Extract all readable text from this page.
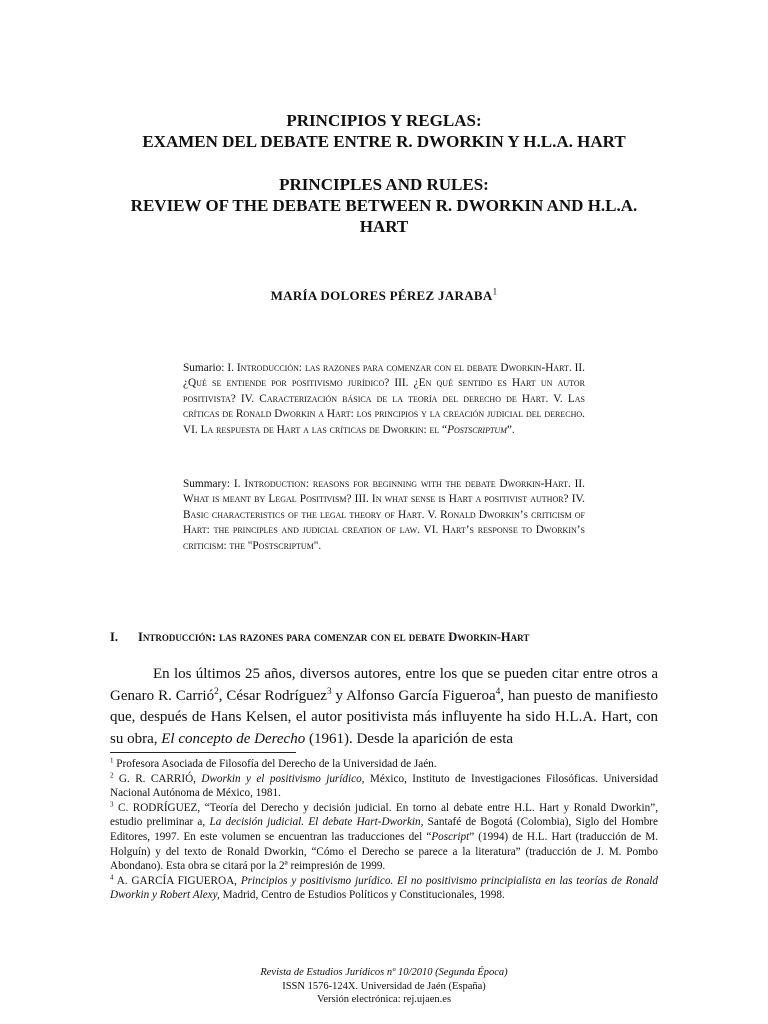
PRINCIPIOS Y REGLAS:
EXAMEN DEL DEBATE ENTRE R. DWORKIN Y H.L.A. HART
PRINCIPLES AND RULES:
REVIEW OF THE DEBATE BETWEEN R. DWORKIN AND H.L.A.
HART
MARÍA DOLORES PÉREZ JARABA$^1$
Sumario: I. Introducción: las razones para comenzar con el debate Dworkin-Hart. II. ¿Qué se entiende por positivismo jurídico? III. ¿En qué sentido es Hart un autor positivista? IV. Caracterización básica de la teoría del derecho de Hart. V. Las críticas de Ronald Dworkin a Hart: los principios y la creación judicial del derecho. VI. La respuesta de Hart a las críticas de Dworkin: el “Postscriptum”.
Summary: I. Introduction: reasons for beginning with the debate Dworkin-Hart. II. What is meant by Legal Positivism? III. In what sense is Hart a positivist author? IV. Basic characteristics of the legal theory of Hart. V. Ronald Dworkin’s criticism of Hart: the principles and judicial creation of law. VI. Hart’s response to Dworkin’s criticism: the "Postscriptum".
I. Introducción: las razones para comenzar con el debate Dworkin-Hart

En los últimos 25 años, diversos autores, entre los que se pueden citar entre otros a Genaro R. Carrió$^2$, César Rodríguez$^3$ y Alfonso García Figueroa$^4$, han puesto de manifiesto que, después de Hans Kelsen, el autor positivista más influyente ha sido H.L.A. Hart, con su obra, El concepto de Derecho (1961). Desde la aparición de esta

$^1$ Profesora Asociada de Filosofía del Derecho de la Universidad de Jaén.

$^2$ G. R. CARRIÓ, Dworkin y el positivismo jurídico, México, Instituto de Investigaciones Filosóficas. Universidad Nacional Autónoma de México, 1981.

$^3$ C. RODRÍGUEZ, “Teoría del Derecho y decisión judicial. En torno al debate entre H.L. Hart y Ronald Dworkin”, estudio preliminar a, La decisión judicial. El debate Hart-Dworkin, Santafé de Bogotá (Colombia), Siglo del Hombre Editores, 1997. En este volumen se encuentran las traducciones del “Poscript” (1994) de H.L. Hart (traducción de M. Holguín) y del texto de Ronald Dworkin, “Cómo el Derecho se parece a la literatura” (traducción de J. M. Pombo Abondano). Esta obra se citará por la 2ª reimpresión de 1999.

$^4$ A. GARCÍA FIGUEROA, Principios y positivismo jurídico. El no positivismo principialista en las teorías de Ronald Dworkin y Robert Alexy, Madrid, Centro de Estudios Políticos y Constitucionales, 1998.

Revista de Estudios Jurídicos nº 10/2010 (Segunda Época)
ISSN 1576-124X. Universidad de Jaén (España)
Versión electrónica: rej.ujaen.es
